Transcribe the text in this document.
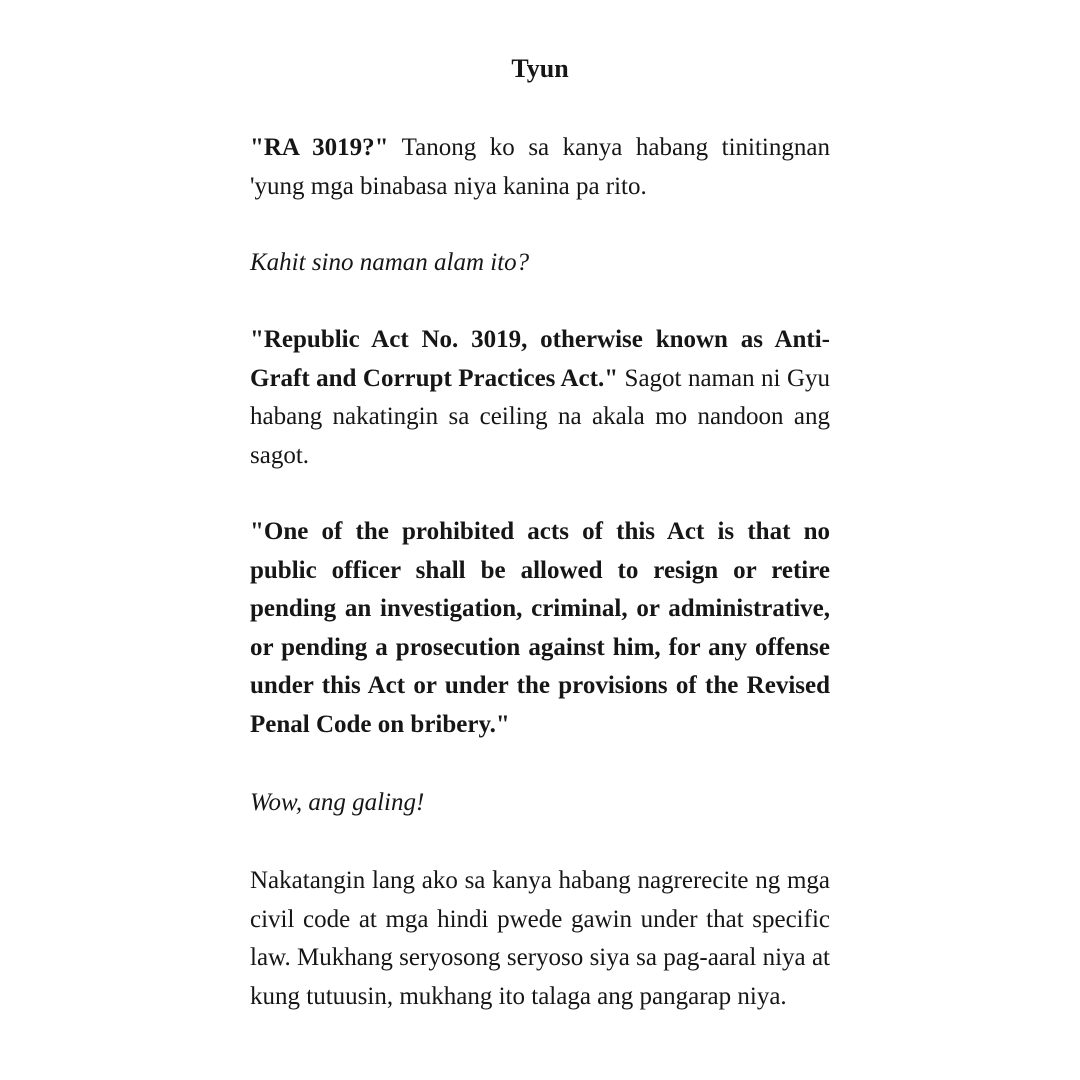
Tyun

"RA 3019?" Tanong ko sa kanya habang tinitingnan 'yung mga binabasa niya kanina pa rito.

Kahit sino naman alam ito?

"Republic Act No. 3019, otherwise known as Anti-Graft and Corrupt Practices Act." Sagot naman ni Gyu habang nakatingin sa ceiling na akala mo nandoon ang sagot.

"One of the prohibited acts of this Act is that no public officer shall be allowed to resign or retire pending an investigation, criminal, or administrative, or pending a prosecution against him, for any offense under this Act or under the provisions of the Revised Penal Code on bribery."

Wow, ang galing!

Nakatangin lang ako sa kanya habang nagrerecite ng mga civil code at mga hindi pwede gawin under that specific law. Mukhang seryosong seryoso siya sa pag-aaral niya at kung tutuusin, mukhang ito talaga ang pangarap niya.
